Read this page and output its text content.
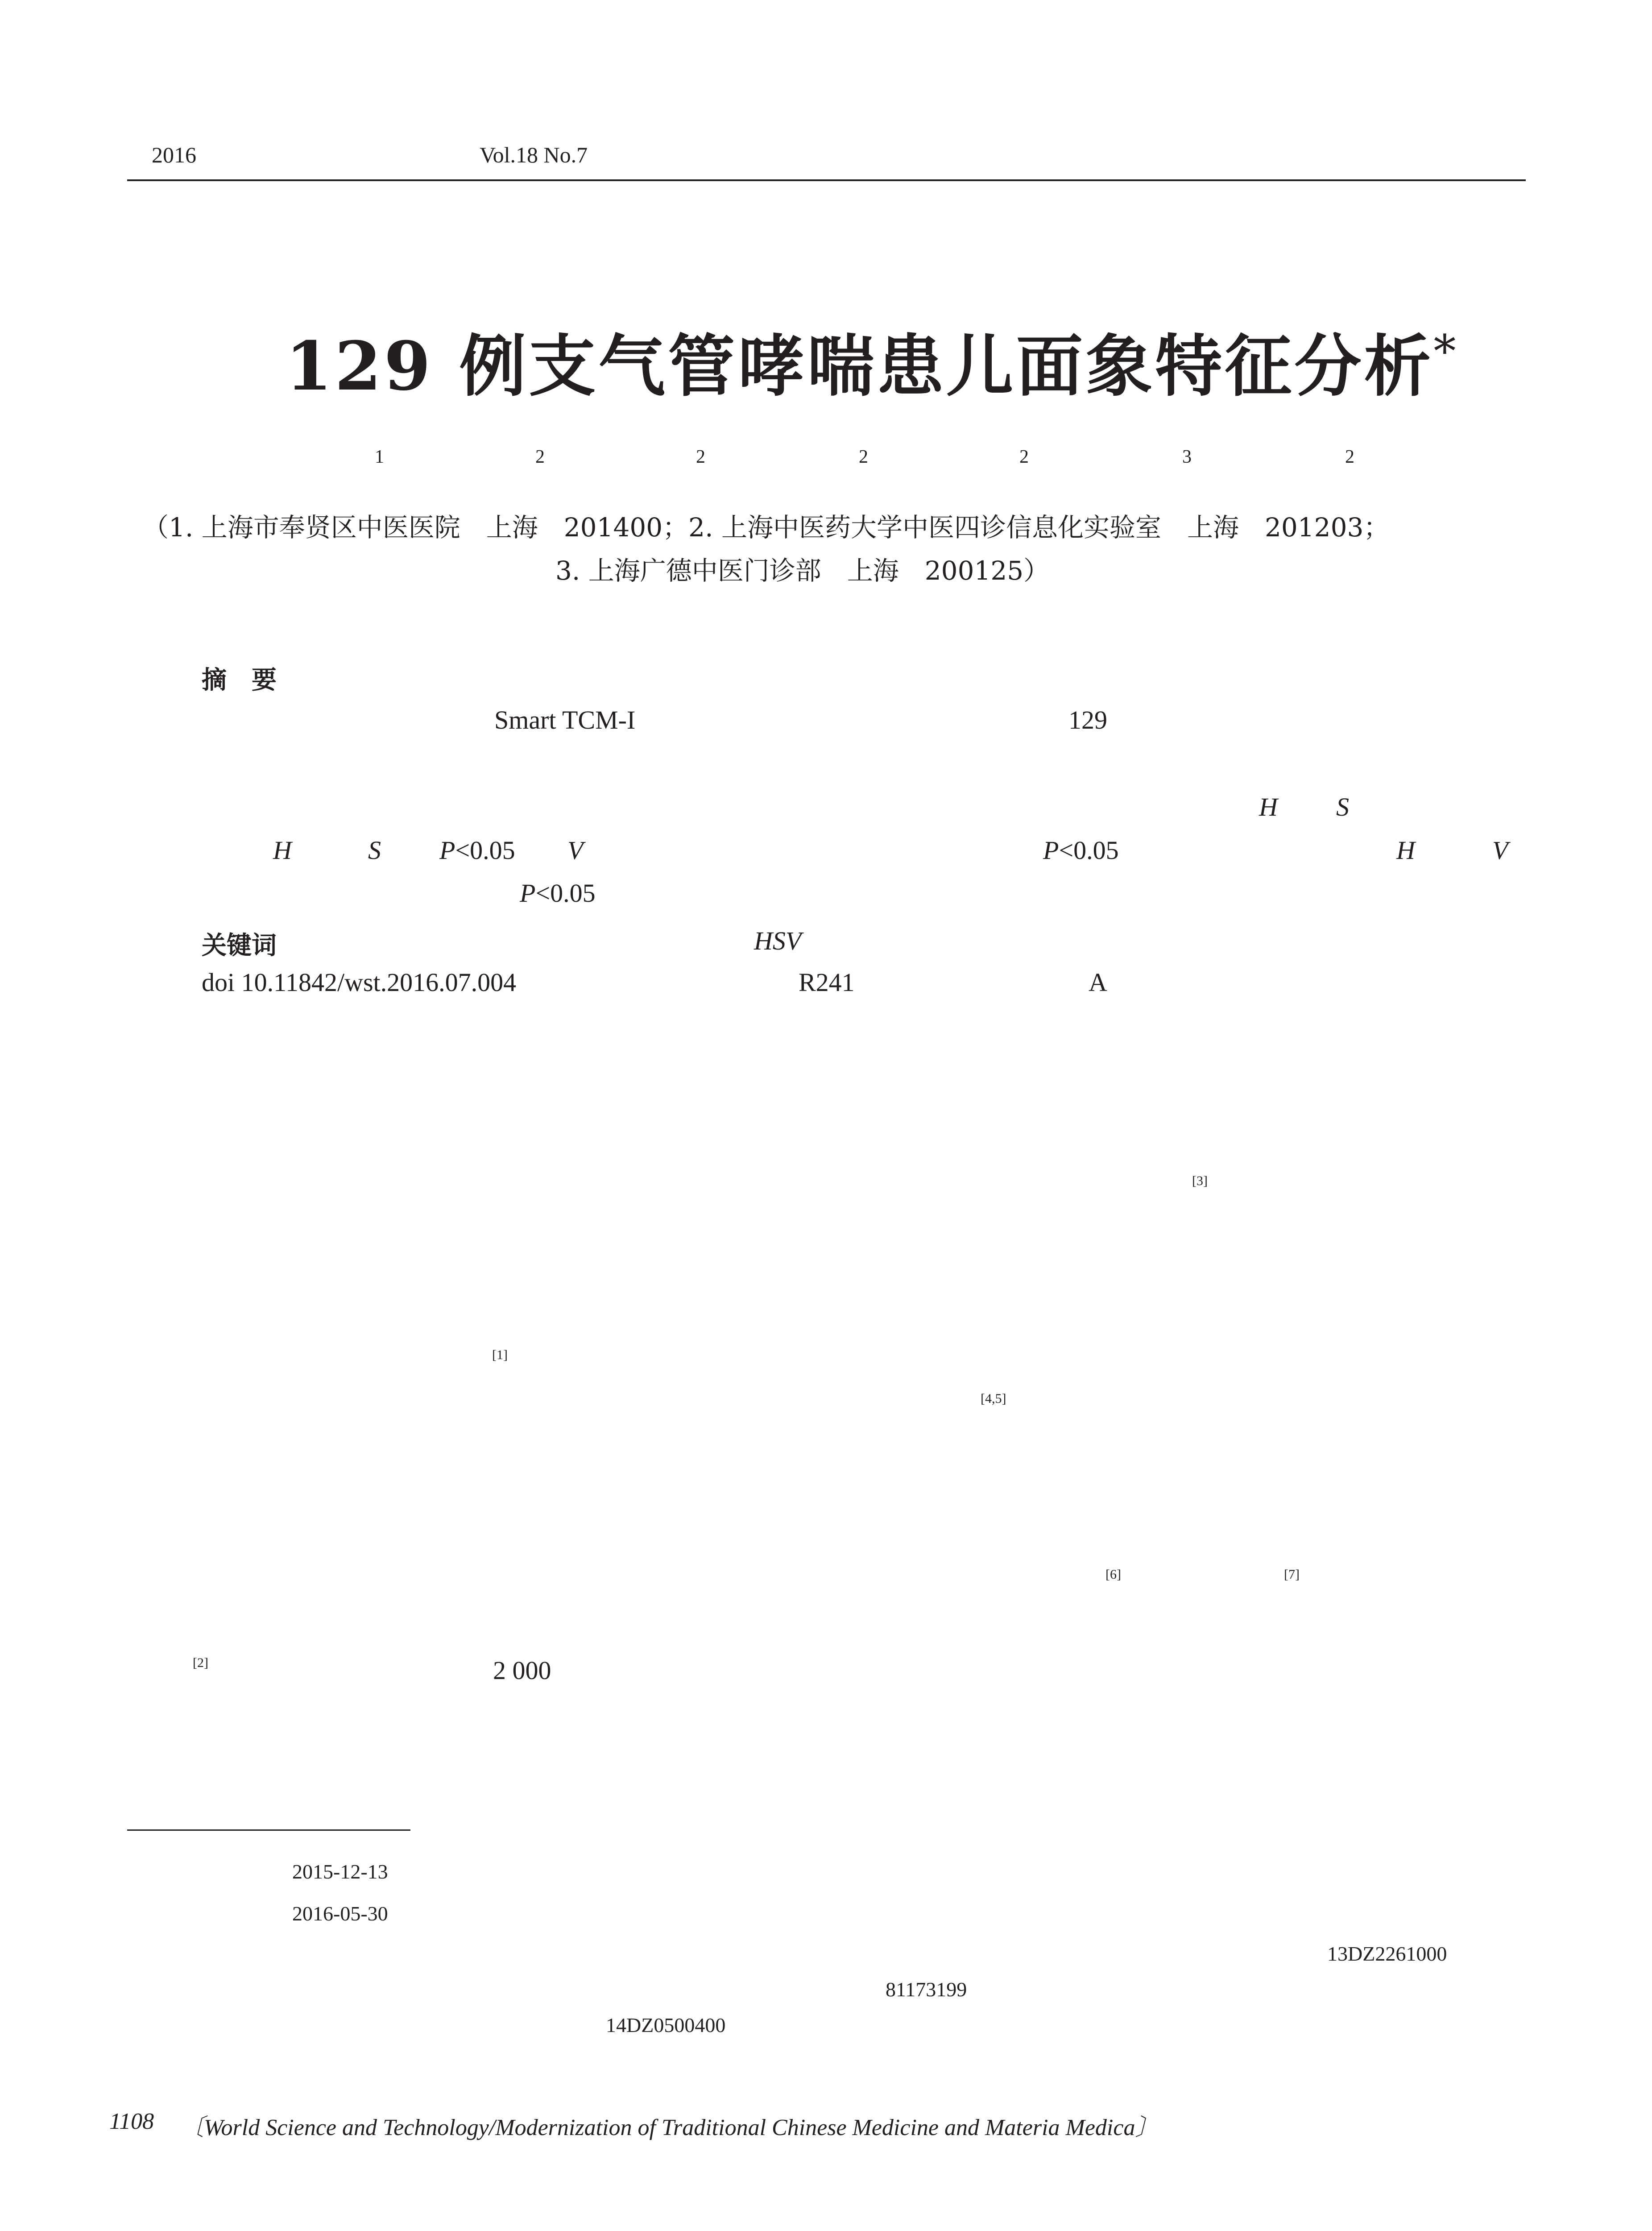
2016	Vol.18 No.7
129 例支气管哮喘患儿面象特征分析*
1	2	2	2	2	3	2
（1. 上海市奉贤区中医医院　上海　201400；2. 上海中医药大学中医四诊信息化实验室　上海　201203；
3. 上海广德中医门诊部　上海　200125）
摘　要
Smart TCM-I	129
H S
H	S P<0.05 V	P<0.05	H	V
P<0.05
关键词	HSV
doi 10.11842/wst.2016.07.004	R241	A
[3]
[1]
[4,5]
[6]	[7]
[2]	2 000
2015-12-13
2016-05-30
13DZ2261000
81173199
14DZ0500400
1108 〔World Science and Technology/Modernization of Traditional Chinese Medicine and Materia Medica〕
